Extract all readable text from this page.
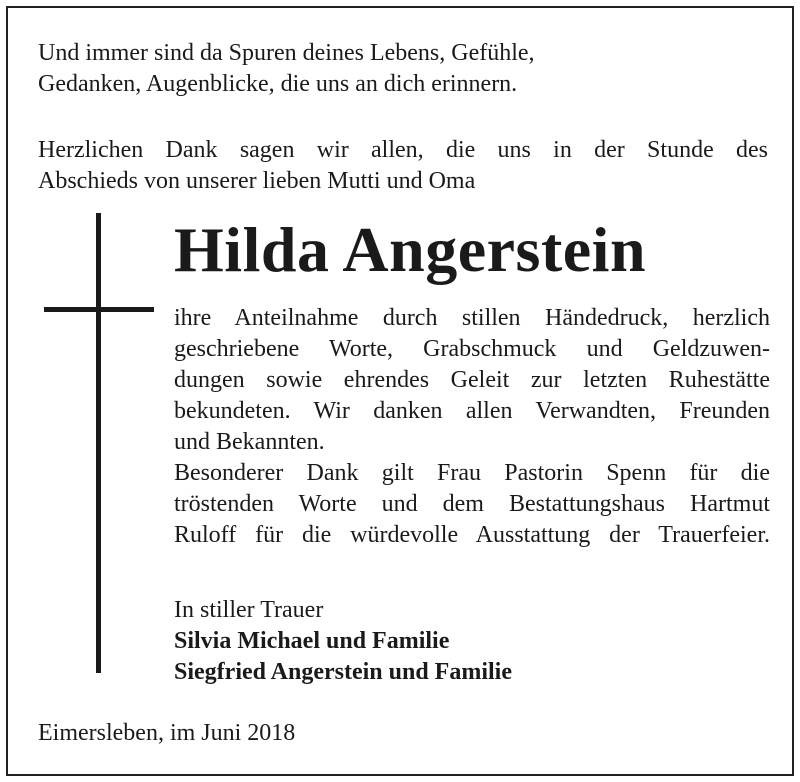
Und immer sind da Spuren deines Lebens, Gefühle,
Gedanken, Augenblicke, die uns an dich erinnern.
Herzlichen Dank sagen wir allen, die uns in der Stunde des
Abschieds von unserer lieben Mutti und Oma
Hilda Angerstein
ihre Anteilnahme durch stillen Händedruck, herzlich
geschriebene Worte, Grabschmuck und Geldzuwen-
dungen sowie ehrendes Geleit zur letzten Ruhestätte
bekundeten. Wir danken allen Verwandten, Freunden
und Bekannten.
Besonderer Dank gilt Frau Pastorin Spenn für die
tröstenden Worte und dem Bestattungshaus Hartmut
Ruloff für die würdevolle Ausstattung der Trauerfeier.
In stiller Trauer
Silvia Michael und Familie
Siegfried Angerstein und Familie
Eimersleben, im Juni 2018
